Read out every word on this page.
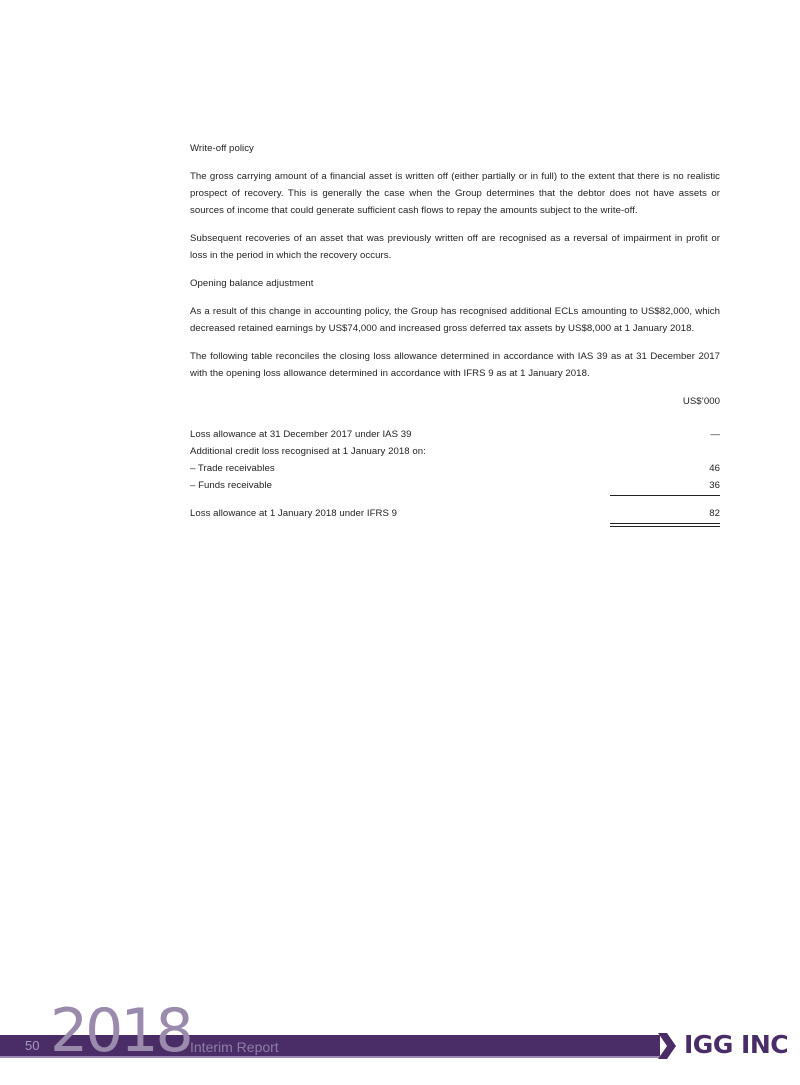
Write-off policy

The gross carrying amount of a financial asset is written off (either partially or in full) to the extent that there is no realistic prospect of recovery. This is generally the case when the Group determines that the debtor does not have assets or sources of income that could generate sufficient cash flows to repay the amounts subject to the write-off.

Subsequent recoveries of an asset that was previously written off are recognised as a reversal of impairment in profit or loss in the period in which the recovery occurs.

Opening balance adjustment

As a result of this change in accounting policy, the Group has recognised additional ECLs amounting to US$82,000, which decreased retained earnings by US$74,000 and increased gross deferred tax assets by US$8,000 at 1 January 2018.

The following table reconciles the closing loss allowance determined in accordance with IAS 39 as at 31 December 2017 with the opening loss allowance determined in accordance with IFRS 9 as at 1 January 2018.

US$’000
Loss allowance at 31 December 2017 under IAS 39	—
Additional credit loss recognised at 1 January 2018 on:
– Trade receivables	46
– Funds receivable	36
Loss allowance at 1 January 2018 under IFRS 9	82
50 2018 Interim Report	IGG INC
